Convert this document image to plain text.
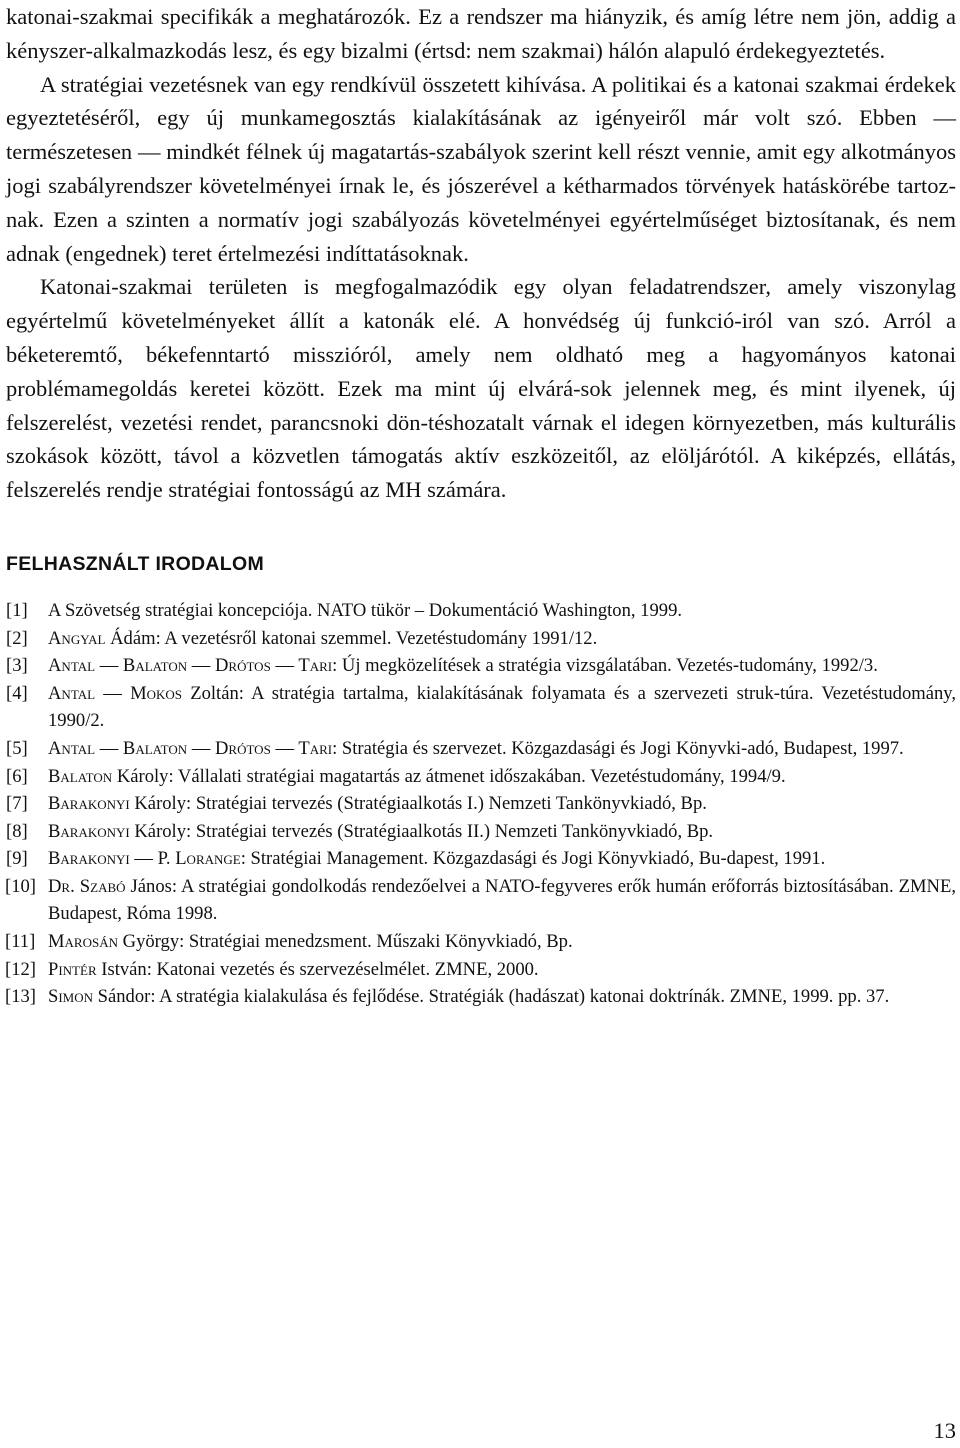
katonai-szakmai specifikák a meghatározók. Ez a rendszer ma hiányzik, és amíg létre nem jön, addig a kényszer-alkalmazkodás lesz, és egy bizalmi (értsd: nem szakmai) hálón alapuló érdekegyeztetés.

A stratégiai vezetésnek van egy rendkívül összetett kihívása. A politikai és a katonai szakmai érdekek egyeztetéséről, egy új munkamegosztás kialakításának az igényeiről már volt szó. Ebben — természetesen — mindkét félnek új magatartás-szabályok szerint kell részt vennie, amit egy alkotmányos jogi szabályrendszer követelményei írnak le, és jószerével a kétharmados törvények hatáskörébe tartoz-nak. Ezen a szinten a normatív jogi szabályozás követelményei egyértelműséget biztosítanak, és nem adnak (engednek) teret értelmezési indíttatásoknak.

Katonai-szakmai területen is megfogalmazódik egy olyan feladatrendszer, amely viszonylag egyértelmű követelményeket állít a katonák elé. A honvédség új funkció-iról van szó. Arról a béketeremtő, békefenntartó misszióról, amely nem oldható meg a hagyományos katonai problémamegoldás keretei között. Ezek ma mint új elvárá-sok jelennek meg, és mint ilyenek, új felszerelést, vezetési rendet, parancsnoki dön-téshozatalt várnak el idegen környezetben, más kulturális szokások között, távol a közvetlen támogatás aktív eszközeitől, az elöljárótól. A kiképzés, ellátás, felszerelés rendje stratégiai fontosságú az MH számára.

FELHASZNÁLT IRODALOM
[1] A Szövetség stratégiai koncepciója. NATO tükör – Dokumentáció Washington, 1999.
[2] Angyal Ádám: A vezetésről katonai szemmel. Vezetéstudomány 1991/12.
[3] Antal — Balaton — Drótos — Tari: Új megközelítések a stratégia vizsgálatában. Vezetés-tudomány, 1992/3.
[4] Antal — Mokos Zoltán: A stratégia tartalma, kialakításának folyamata és a szervezeti struk-túra. Vezetéstudomány, 1990/2.
[5] Antal — Balaton — Drótos — Tari: Stratégia és szervezet. Közgazdasági és Jogi Könyvki-adó, Budapest, 1997.
[6] Balaton Károly: Vállalati stratégiai magatartás az átmenet időszakában. Vezetéstudomány, 1994/9.
[7] Barakonyi Károly: Stratégiai tervezés (Stratégiaalkotás I.) Nemzeti Tankönyvkiadó, Bp.
[8] Barakonyi Károly: Stratégiai tervezés (Stratégiaalkotás II.) Nemzeti Tankönyvkiadó, Bp.
[9] Barakonyi — P. Lorange: Stratégiai Management. Közgazdasági és Jogi Könyvkiadó, Bu-dapest, 1991.
[10] Dr. Szabó János: A stratégiai gondolkodás rendezőelvei a NATO-fegyveres erők humán erőforrás biztosításában. ZMNE, Budapest, Róma 1998.
[11] Marosán György: Stratégiai menedzsment. Műszaki Könyvkiadó, Bp.
[12] Pintér István: Katonai vezetés és szervezéselmélet. ZMNE, 2000.
[13] Simon Sándor: A stratégia kialakulása és fejlődése. Stratégiák (hadászat) katonai doktrínák. ZMNE, 1999. pp. 37.
13
